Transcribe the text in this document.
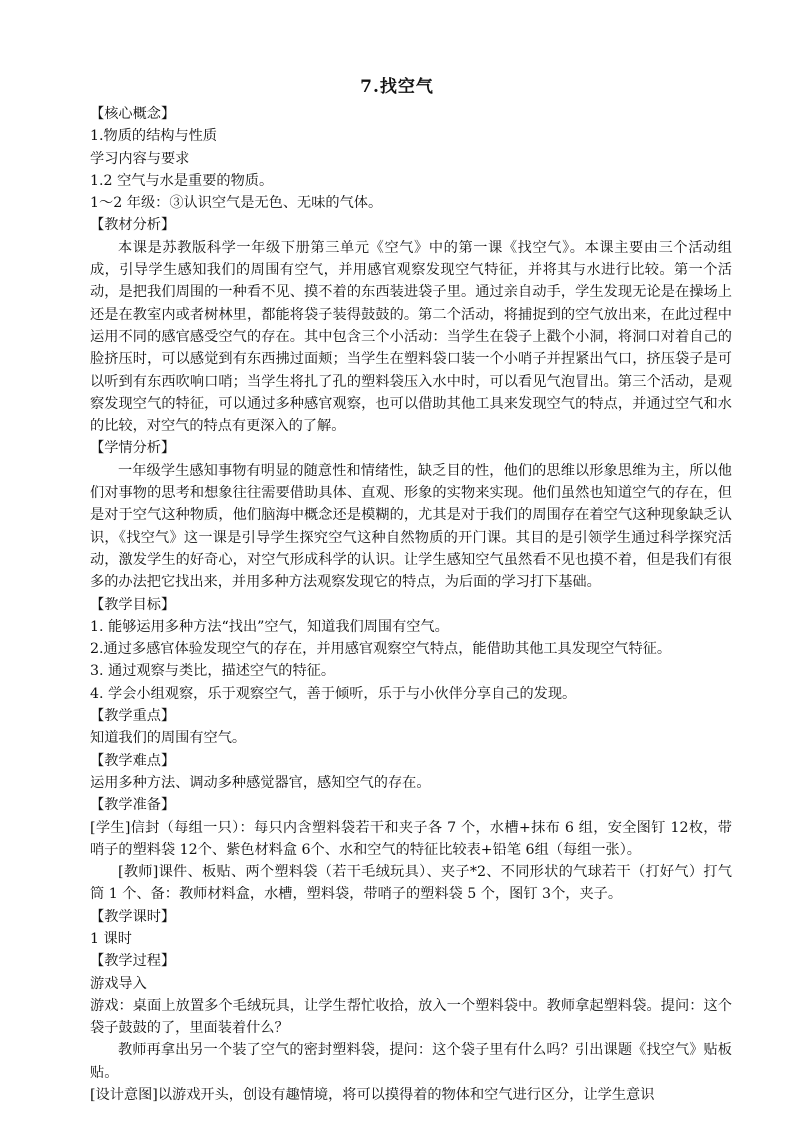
7.找空气

【核心概念】

1.物质的结构与性质

学习内容与要求

1.2 空气与水是重要的物质。

1～2 年级：③认识空气是无色、无味的气体。

【教材分析】

本课是苏教版科学一年级下册第三单元《空气》中的第一课《找空气》。本课主要由三个活动组成，引导学生感知我们的周围有空气，并用感官观察发现空气特征，并将其与水进行比较。第一个活动，是把我们周围的一种看不见、摸不着的东西装进袋子里。通过亲自动手，学生发现无论是在操场上还是在教室内或者树林里，都能将袋子装得鼓鼓的。第二个活动，将捕捉到的空气放出来，在此过程中运用不同的感官感受空气的存在。其中包含三个小活动：当学生在袋子上戳个小洞，将洞口对着自己的脸挤压时，可以感觉到有东西拂过面颊；当学生在塑料袋口装一个小哨子并捏紧出气口，挤压袋子是可以听到有东西吹响口哨；当学生将扎了孔的塑料袋压入水中时，可以看见气泡冒出。第三个活动，是观察发现空气的特征，可以通过多种感官观察，也可以借助其他工具来发现空气的特点，并通过空气和水的比较，对空气的特点有更深入的了解。

【学情分析】

一年级学生感知事物有明显的随意性和情绪性，缺乏目的性，他们的思维以形象思维为主，所以他们对事物的思考和想象往往需要借助具体、直观、形象的实物来实现。他们虽然也知道空气的存在，但是对于空气这种物质，他们脑海中概念还是模糊的，尤其是对于我们的周围存在着空气这种现象缺乏认识，《找空气》这一课是引导学生探究空气这种自然物质的开门课。其目的是引领学生通过科学探究活动，激发学生的好奇心，对空气形成科学的认识。让学生感知空气虽然看不见也摸不着，但是我们有很多的办法把它找出来，并用多种方法观察发现它的特点，为后面的学习打下基础。

【教学目标】

1. 能够运用多种方法“找出”空气，知道我们周围有空气。

2.通过多感官体验发现空气的存在，并用感官观察空气特点，能借助其他工具发现空气特征。

3. 通过观察与类比，描述空气的特征。

4. 学会小组观察，乐于观察空气，善于倾听，乐于与小伙伴分享自己的发现。

【教学重点】

知道我们的周围有空气。

【教学难点】

运用多种方法、调动多种感觉器官，感知空气的存在。

【教学准备】

[学生]信封（每组一只）：每只内含塑料袋若干和夹子各 7 个，水槽+抹布 6 组，安全图钉 12枚，带哨子的塑料袋 12个、紫色材料盒 6个、水和空气的特征比较表+铅笔 6组（每组一张）。

[教师]课件、板贴、两个塑料袋（若干毛绒玩具）、夹子*2、不同形状的气球若干（打好气）打气筒 1 个、备：教师材料盒，水槽，塑料袋，带哨子的塑料袋 5 个，图钉 3个，夹子。

【教学课时】

1 课时

【教学过程】

游戏导入

游戏：桌面上放置多个毛绒玩具，让学生帮忙收拾，放入一个塑料袋中。教师拿起塑料袋。提问：这个袋子鼓鼓的了，里面装着什么？

教师再拿出另一个装了空气的密封塑料袋，提问：这个袋子里有什么吗？引出课题《找空气》贴板贴。

[设计意图]以游戏开头，创设有趣情境，将可以摸得着的物体和空气进行区分，让学生意识
